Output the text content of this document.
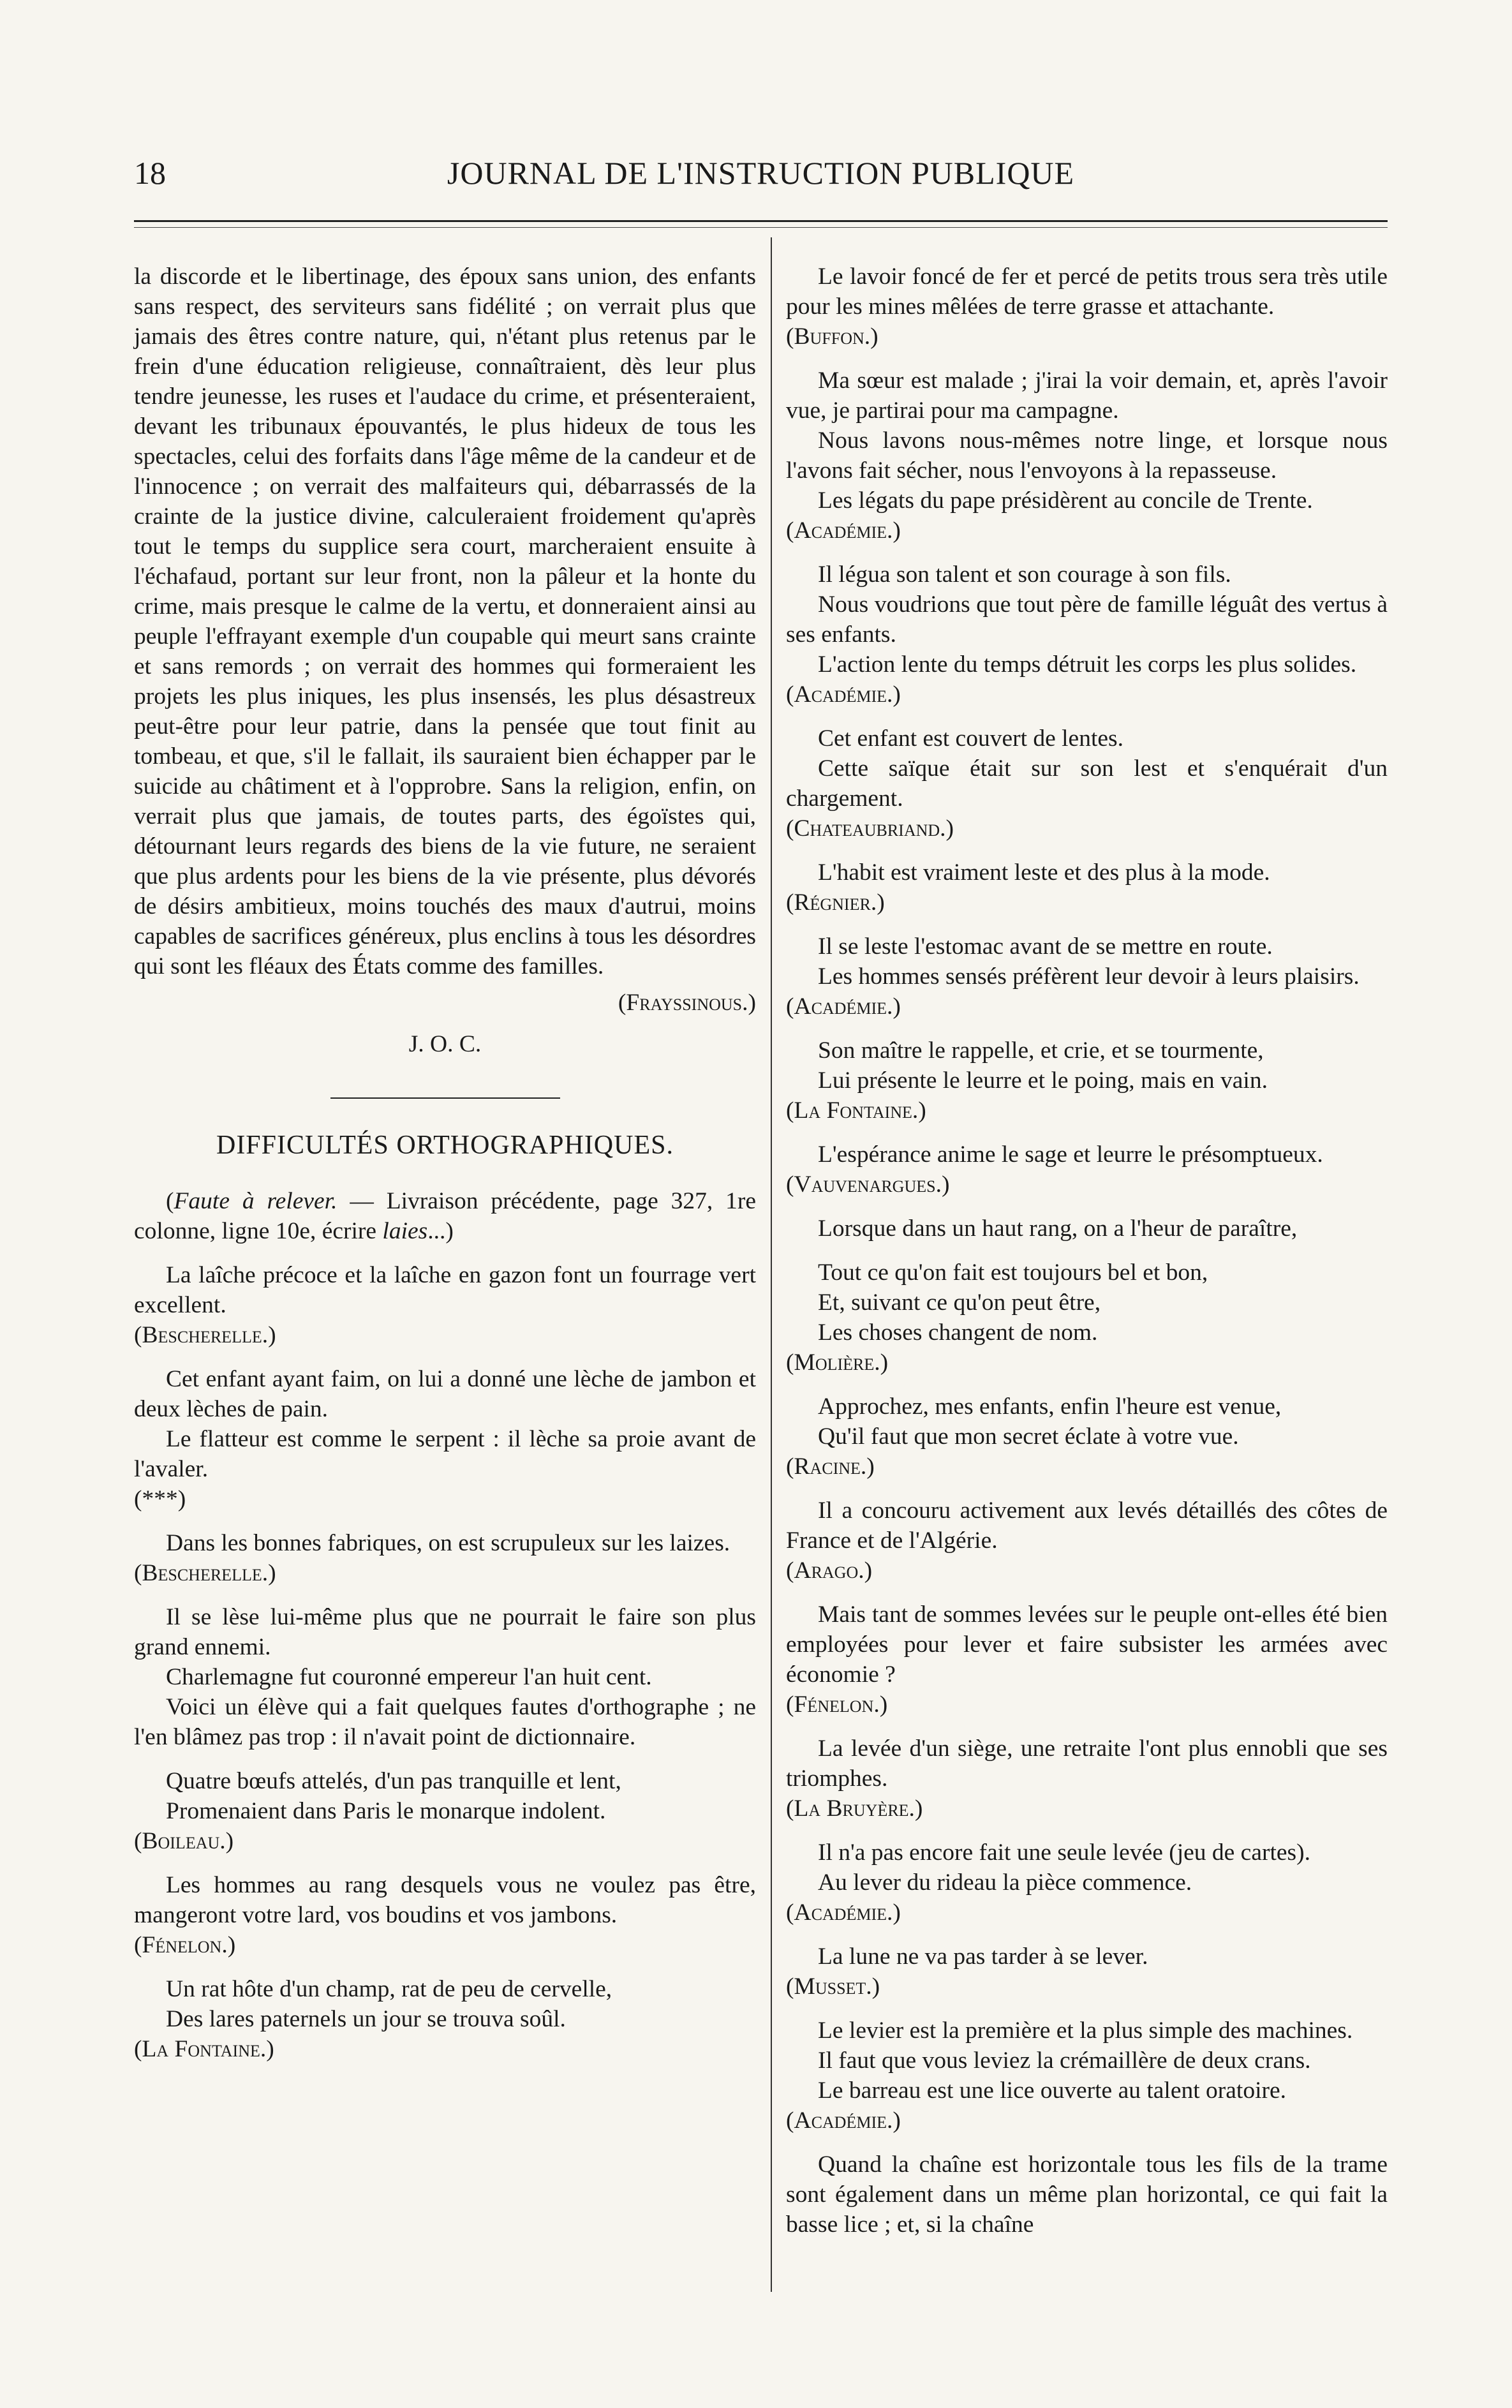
18	JOURNAL DE L'INSTRUCTION PUBLIQUE

la discorde et le libertinage, des époux sans union, des enfants sans respect, des serviteurs sans fidélité ; on verrait plus que jamais des êtres contre nature, qui, n'étant plus retenus par le frein d'une éducation religieuse, connaîtraient, dès leur plus tendre jeunesse, les ruses et l'audace du crime, et présenteraient, devant les tribunaux épouvantés, le plus hideux de tous les spectacles, celui des forfaits dans l'âge même de la candeur et de l'innocence ; on verrait des malfaiteurs qui, débarrassés de la crainte de la justice divine, calculeraient froidement qu'après tout le temps du supplice sera court, marcheraient ensuite à l'échafaud, portant sur leur front, non la pâleur et la honte du crime, mais presque le calme de la vertu, et donneraient ainsi au peuple l'effrayant exemple d'un coupable qui meurt sans crainte et sans remords ; on verrait des hommes qui formeraient les projets les plus iniques, les plus insensés, les plus désastreux peut-être pour leur patrie, dans la pensée que tout finit au tombeau, et que, s'il le fallait, ils sauraient bien échapper par le suicide au châtiment et à l'opprobre. Sans la religion, enfin, on verrait plus que jamais, de toutes parts, des égoïstes qui, détournant leurs regards des biens de la vie future, ne seraient que plus ardents pour les biens de la vie présente, plus dévorés de désirs ambitieux, moins touchés des maux d'autrui, moins capables de sacrifices généreux, plus enclins à tous les désordres qui sont les fléaux des États comme des familles.

(Frayssinous.)

J. O. C.

DIFFICULTÉS ORTHOGRAPHIQUES.

(Faute à relever. — Livraison précédente, page 327, 1re colonne, ligne 10e, écrire laies...)

La laîche précoce et la laîche en gazon font un fourrage vert excellent.

(Bescherelle.)

Cet enfant ayant faim, on lui a donné une lèche de jambon et deux lèches de pain.

Le flatteur est comme le serpent : il lèche sa proie avant de l'avaler.

(***)

Dans les bonnes fabriques, on est scrupuleux sur les laizes.

(Bescherelle.)

Il se lèse lui-même plus que ne pourrait le faire son plus grand ennemi.

Charlemagne fut couronné empereur l'an huit cent.

Voici un élève qui a fait quelques fautes d'orthographe ; ne l'en blâmez pas trop : il n'avait point de dictionnaire.

Quatre bœufs attelés, d'un pas tranquille et lent,

Promenaient dans Paris le monarque indolent.

(Boileau.)

Les hommes au rang desquels vous ne voulez pas être, mangeront votre lard, vos boudins et vos jambons.

(Fénelon.)

Un rat hôte d'un champ, rat de peu de cervelle,

Des lares paternels un jour se trouva soûl.

(La Fontaine.)

Le lavoir foncé de fer et percé de petits trous sera très utile pour les mines mêlées de terre grasse et attachante.

(Buffon.)

Ma sœur est malade ; j'irai la voir demain, et, après l'avoir vue, je partirai pour ma campagne.

Nous lavons nous-mêmes notre linge, et lorsque nous l'avons fait sécher, nous l'envoyons à la repasseuse.

Les légats du pape présidèrent au concile de Trente.

(Académie.)

Il légua son talent et son courage à son fils.

Nous voudrions que tout père de famille léguât des vertus à ses enfants.

L'action lente du temps détruit les corps les plus solides.

(Académie.)

Cet enfant est couvert de lentes.

Cette saïque était sur son lest et s'enquérait d'un chargement.

(Chateaubriand.)

L'habit est vraiment leste et des plus à la mode.

(Régnier.)

Il se leste l'estomac avant de se mettre en route.

Les hommes sensés préfèrent leur devoir à leurs plaisirs.

(Académie.)

Son maître le rappelle, et crie, et se tourmente,

Lui présente le leurre et le poing, mais en vain.

(La Fontaine.)

L'espérance anime le sage et leurre le présomptueux.

(Vauvenargues.)

Lorsque dans un haut rang, on a l'heur de paraître,

Tout ce qu'on fait est toujours bel et bon,

Et, suivant ce qu'on peut être,

Les choses changent de nom.

(Molière.)

Approchez, mes enfants, enfin l'heure est venue,

Qu'il faut que mon secret éclate à votre vue.

(Racine.)

Il a concouru activement aux levés détaillés des côtes de France et de l'Algérie.

(Arago.)

Mais tant de sommes levées sur le peuple ont-elles été bien employées pour lever et faire subsister les armées avec économie ?

(Fénelon.)

La levée d'un siège, une retraite l'ont plus ennobli que ses triomphes.

(La Bruyère.)

Il n'a pas encore fait une seule levée (jeu de cartes).

Au lever du rideau la pièce commence.

(Académie.)

La lune ne va pas tarder à se lever.

(Musset.)

Le levier est la première et la plus simple des machines.

Il faut que vous leviez la crémaillère de deux crans.

Le barreau est une lice ouverte au talent oratoire.

(Académie.)

Quand la chaîne est horizontale tous les fils de la trame sont également dans un même plan horizontal, ce qui fait la basse lice ; et, si la chaîne
